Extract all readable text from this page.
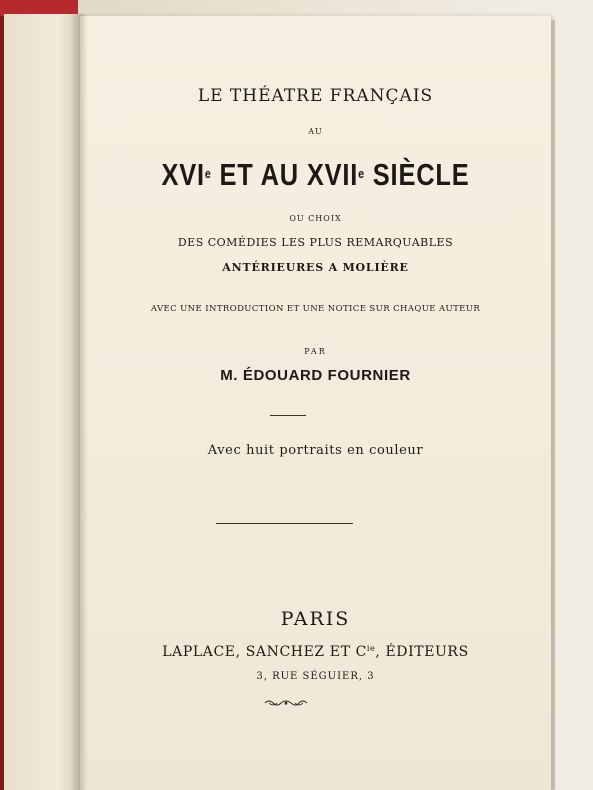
LE THÉATRE FRANÇAIS
AU
XVIe ET AU XVIIe SIÈCLE
OU CHOIX
DES COMÉDIES LES PLUS REMARQUABLES
ANTÉRIEURES A MOLIÈRE
AVEC UNE INTRODUCTION ET UNE NOTICE SUR CHAQUE AUTEUR
PAR
M. ÉDOUARD FOURNIER
Avec huit portraits en couleur
PARIS
LAPLACE, SANCHEZ ET $C^{ie}$, ÉDITEURS
3, RUE SÉGUIER, 3
